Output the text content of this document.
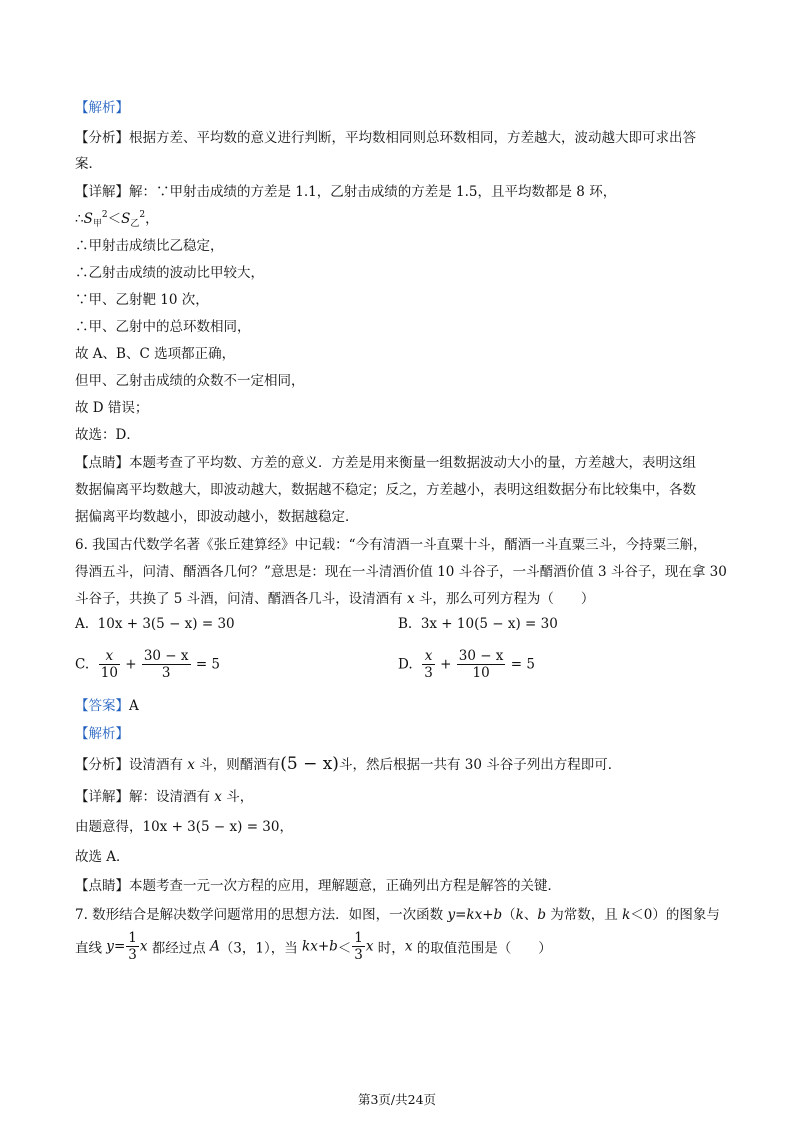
【解析】
【分析】根据方差、平均数的意义进行判断，平均数相同则总环数相同，方差越大，波动越大即可求出答
案．
【详解】解：∵甲射击成绩的方差是 1.1，乙射击成绩的方差是 1.5，且平均数都是 8 环，
$\therefore S_甲^2<S_乙^2$，
∴甲射击成绩比乙稳定，
∴乙射击成绩的波动比甲较大，
∵甲、乙射靶 10 次，
∴甲、乙射中的总环数相同，
故 A、B、C 选项都正确，
但甲、乙射击成绩的众数不一定相同，
故 D 错误；
故选：D．
【点睛】本题考查了平均数、方差的意义．方差是用来衡量一组数据波动大小的量，方差越大，表明这组
数据偏离平均数越大，即波动越大，数据越不稳定；反之，方差越小，表明这组数据分布比较集中，各数
据偏离平均数越小，即波动越小，数据越稳定．
6. 我国古代数学名著《张丘建算经》中记载：“今有清酒一斗直粟十斗，醑酒一斗直粟三斗，今持粟三斛，
得酒五斗，问清、醑酒各几何？”意思是：现在一斗清酒价值 10 斗谷子，一斗醑酒价值 3 斗谷子，现在拿 30
斗谷子，共换了 5 斗酒，问清、醑酒各几斗，设清酒有 x 斗，那么可列方程为（　　）
A. 10x + 3(5 − x) = 30	B. 3x + 10(5 − x) = 30
C. $\frac{x}{10} + \frac{30 - x}{3} = 5$	D. $\frac{x}{3} + \frac{30 - x}{10} = 5$
【答案】A
【解析】
【分析】设清酒有 x 斗，则醑酒有(5 − x)斗，然后根据一共有 30 斗谷子列出方程即可．
【详解】解：设清酒有 x 斗，
由题意得，10x + 3(5 − x) = 30，
故选 A．
【点睛】本题考查一元一次方程的应用，理解题意，正确列出方程是解答的关键．
7. 数形结合是解决数学问题常用的思想方法．如图，一次函数 y=kx+b（k、b 为常数，且 k＜0）的图象与
直线 $y= \frac{1}{3}$ x 都经过点 A（3，1），当 $kx+b< \frac{1}{3}$ x 时，x 的取值范围是（　　）
第3页/共24页
